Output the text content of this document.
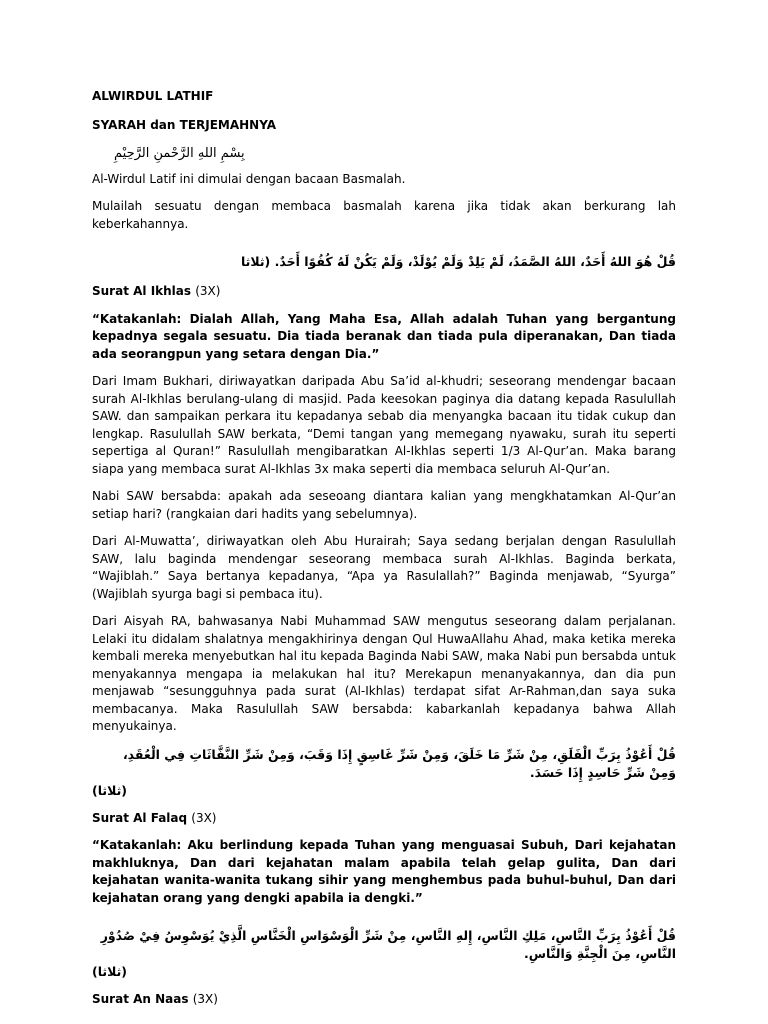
ALWIRDUL LATHIF
SYARAH dan TERJEMAHNYA
بِسْمِ اللهِ الرَّحْمنِ الرَّحِيْمِ

Al-Wirdul Latif ini dimulai dengan bacaan Basmalah.

Mulailah sesuatu dengan membaca basmalah karena jika tidak akan berkurang lah keberkahannya.

قُلْ هُوَ اللهُ أَحَدٌ، اللهُ الصَّمَدُ، لَمْ يَلِدْ وَلَمْ يُوْلَدْ، وَلَمْ يَكُنْ لَهُ كُفُوًا أَحَدٌ. (ثلاثا
Surat Al Ikhlas (3X)

“Katakanlah: Dialah Allah, Yang Maha Esa, Allah adalah Tuhan yang bergantung kepadnya segala sesuatu. Dia tiada beranak dan tiada pula diperanakan, Dan tiada ada seorangpun yang setara dengan Dia.”

Dari Imam Bukhari, diriwayatkan daripada Abu Sa’id al-khudri; seseorang mendengar bacaan surah Al-Ikhlas berulang-ulang di masjid. Pada keesokan paginya dia datang kepada Rasulullah SAW. dan sampaikan perkara itu kepadanya sebab dia menyangka bacaan itu tidak cukup dan lengkap. Rasulullah SAW berkata, “Demi tangan yang memegang nyawaku, surah itu seperti sepertiga al Quran!” Rasulullah mengibaratkan Al-Ikhlas seperti 1/3 Al-Qur’an. Maka barang siapa yang membaca surat Al-Ikhlas 3x maka seperti dia membaca seluruh Al-Qur’an.

Nabi SAW bersabda: apakah ada seseoang diantara kalian yang mengkhatamkan Al-Qur’an setiap hari? (rangkaian dari hadits yang sebelumnya).

Dari Al-Muwatta’, diriwayatkan oleh Abu Hurairah; Saya sedang berjalan dengan Rasulullah SAW, lalu baginda mendengar seseorang membaca surah Al-Ikhlas. Baginda berkata, “Wajiblah.” Saya bertanya kepadanya, “Apa ya Rasulallah?” Baginda menjawab, “Syurga” (Wajiblah syurga bagi si pembaca itu).

Dari Aisyah RA, bahwasanya Nabi Muhammad SAW mengutus seseorang dalam perjalanan. Lelaki itu didalam shalatnya mengakhirinya dengan Qul HuwaAllahu Ahad, maka ketika mereka kembali mereka menyebutkan hal itu kepada Baginda Nabi SAW, maka Nabi pun bersabda untuk menyakannya mengapa ia melakukan hal itu? Merekapun menanyakannya, dan dia pun menjawab “sesungguhnya pada surat (Al-Ikhlas) terdapat sifat Ar-Rahman,dan saya suka membacanya. Maka Rasulullah SAW bersabda: kabarkanlah kepadanya bahwa Allah menyukainya.

قُلْ أَعُوْذُ بِرَبِّ الْفَلَقِ، مِنْ شَرِّ مَا خَلَقَ، وَمِنْ شَرِّ غَاسِقٍ إِذَا وَقَبَ، وَمِنْ شَرِّ النَّفَّاثَاتِ فِي الْعُقَدِ، وَمِنْ شَرِّ حَاسِدٍ إِذَا حَسَدَ.
(ثلاثا)
Surat Al Falaq (3X)

“Katakanlah: Aku berlindung kepada Tuhan yang menguasai Subuh, Dari kejahatan makhluknya, Dan dari kejahatan malam apabila telah gelap gulita, Dan dari kejahatan wanita-wanita tukang sihir yang menghembus pada buhul-buhul, Dan dari kejahatan orang yang dengki apabila ia dengki.”

قُلْ أَعُوْذُ بِرَبِّ النَّاسِ، مَلِكِ النَّاسِ، إِلهِ النَّاسِ، مِنْ شَرِّ الْوَسْوَاسِ الْخَنَّاسِ الَّذِيْ يُوَسْوِسُ فِيْ صُدُوْرِ النَّاسِ، مِنَ الْجِنَّةِ وَالنَّاسِ.
(ثلاثا)
Surat An Naas (3X)
